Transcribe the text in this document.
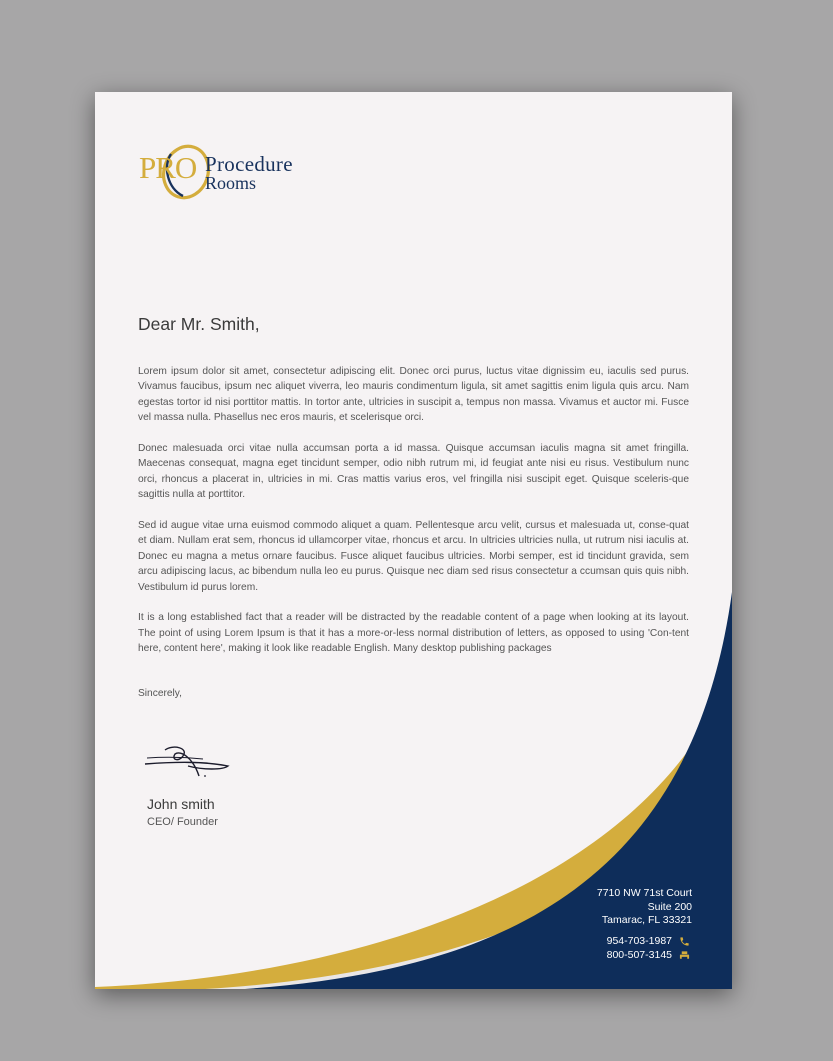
PRO Procedure
Rooms
Dear Mr. Smith,

Lorem ipsum dolor sit amet, consectetur adipiscing elit. Donec orci purus, luctus vitae dignissim eu, iaculis sed purus. Vivamus faucibus, ipsum nec aliquet viverra, leo mauris condimentum ligula, sit amet sagittis enim ligula quis arcu. Nam egestas tortor id nisi porttitor mattis. In tortor ante, ultricies in suscipit a, tempus non massa. Vivamus et auctor mi. Fusce vel massa nulla. Phasellus nec eros mauris, et scelerisque orci.

Donec malesuada orci vitae nulla accumsan porta a id massa. Quisque accumsan iaculis magna sit amet fringilla. Maecenas consequat, magna eget tincidunt semper, odio nibh rutrum mi, id feugiat ante nisi eu risus. Vestibulum nunc orci, rhoncus a placerat in, ultricies in mi. Cras mattis varius eros, vel fringilla nisi suscipit eget. Quisque sceleris-que sagittis nulla at porttitor.

Sed id augue vitae urna euismod commodo aliquet a quam. Pellentesque arcu velit, cursus et malesuada ut, conse-quat et diam. Nullam erat sem, rhoncus id ullamcorper vitae, rhoncus et arcu. In ultricies ultricies nulla, ut rutrum nisi iaculis at. Donec eu magna a metus ornare faucibus. Fusce aliquet faucibus ultricies. Morbi semper, est id tincidunt gravida, sem arcu adipiscing lacus, ac bibendum nulla leo eu purus. Quisque nec diam sed risus consectetur a ccumsan quis quis nibh. Vestibulum id purus lorem.

It is a long established fact that a reader will be distracted by the readable content of a page when looking at its layout. The point of using Lorem Ipsum is that it has a more-or-less normal distribution of letters, as opposed to using 'Con-tent here, content here', making it look like readable English. Many desktop publishing packages

Sincerely,
John smith
CEO/ Founder
7710 NW 71st Court
Suite 200
Tamarac, FL 33321
954-703-1987
800-507-3145
